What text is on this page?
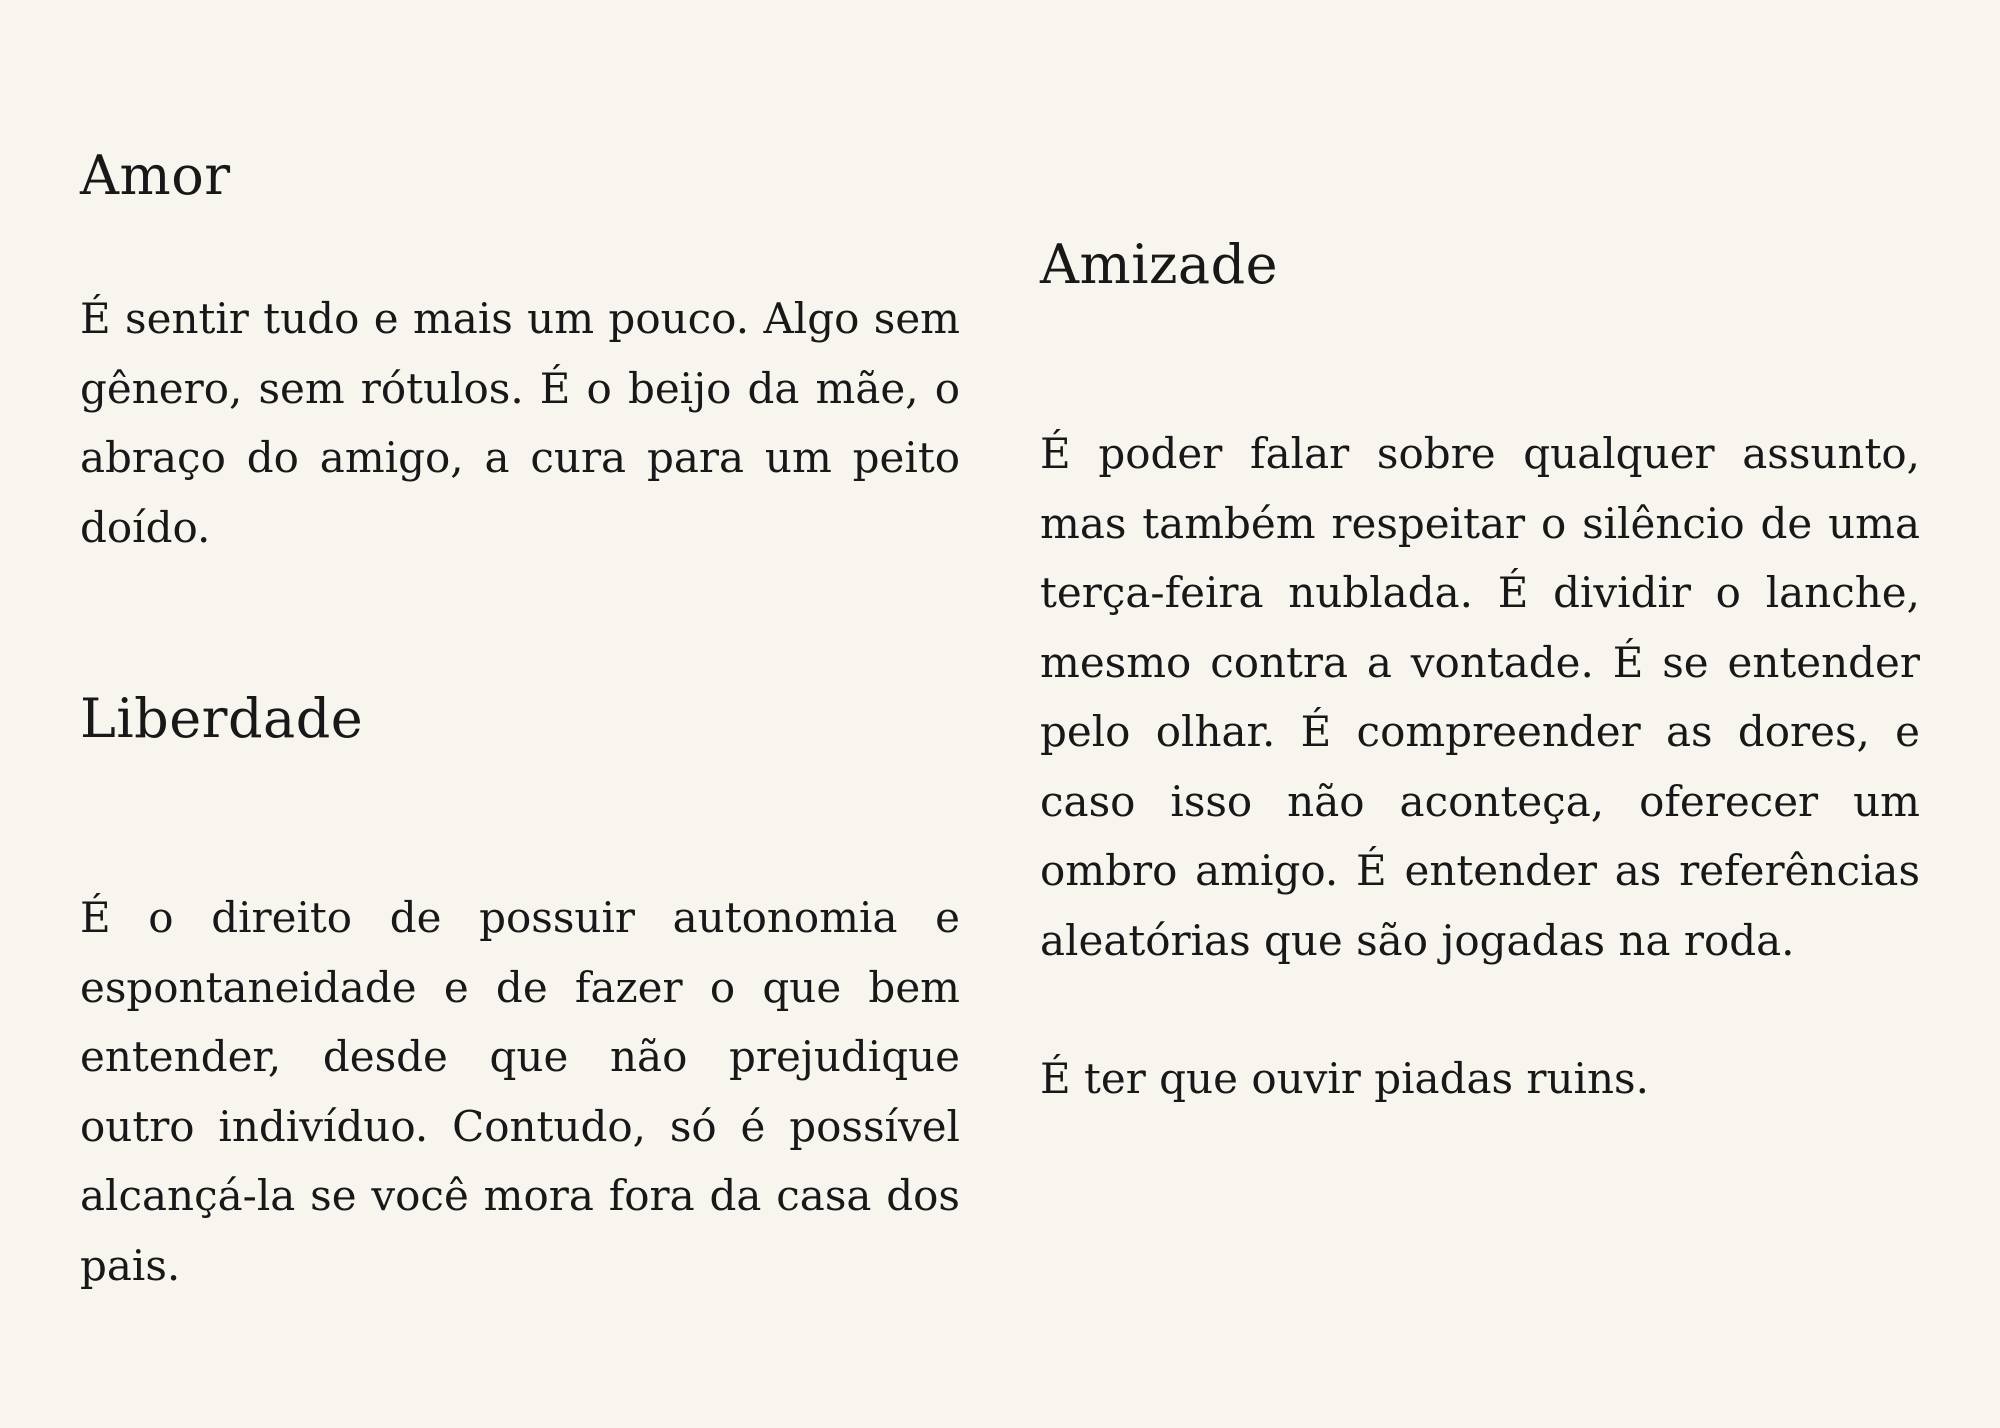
Amor

É sentir tudo e mais um pouco. Algo sem gênero, sem rótulos. É o beijo da mãe, o abraço do amigo, a cura para um peito doído.

Liberdade

É o direito de possuir autonomia e espontaneidade e de fazer o que bem entender, desde que não prejudique outro indivíduo. Contudo, só é possível alcançá-la se você mora fora da casa dos pais.

Amizade

É poder falar sobre qualquer assunto, mas também respeitar o silêncio de uma terça-feira nublada. É dividir o lanche, mesmo contra a vontade. É se entender pelo olhar. É compreender as dores, e caso isso não aconteça, oferecer um ombro amigo. É entender as referências aleatórias que são jogadas na roda.

É ter que ouvir piadas ruins.
